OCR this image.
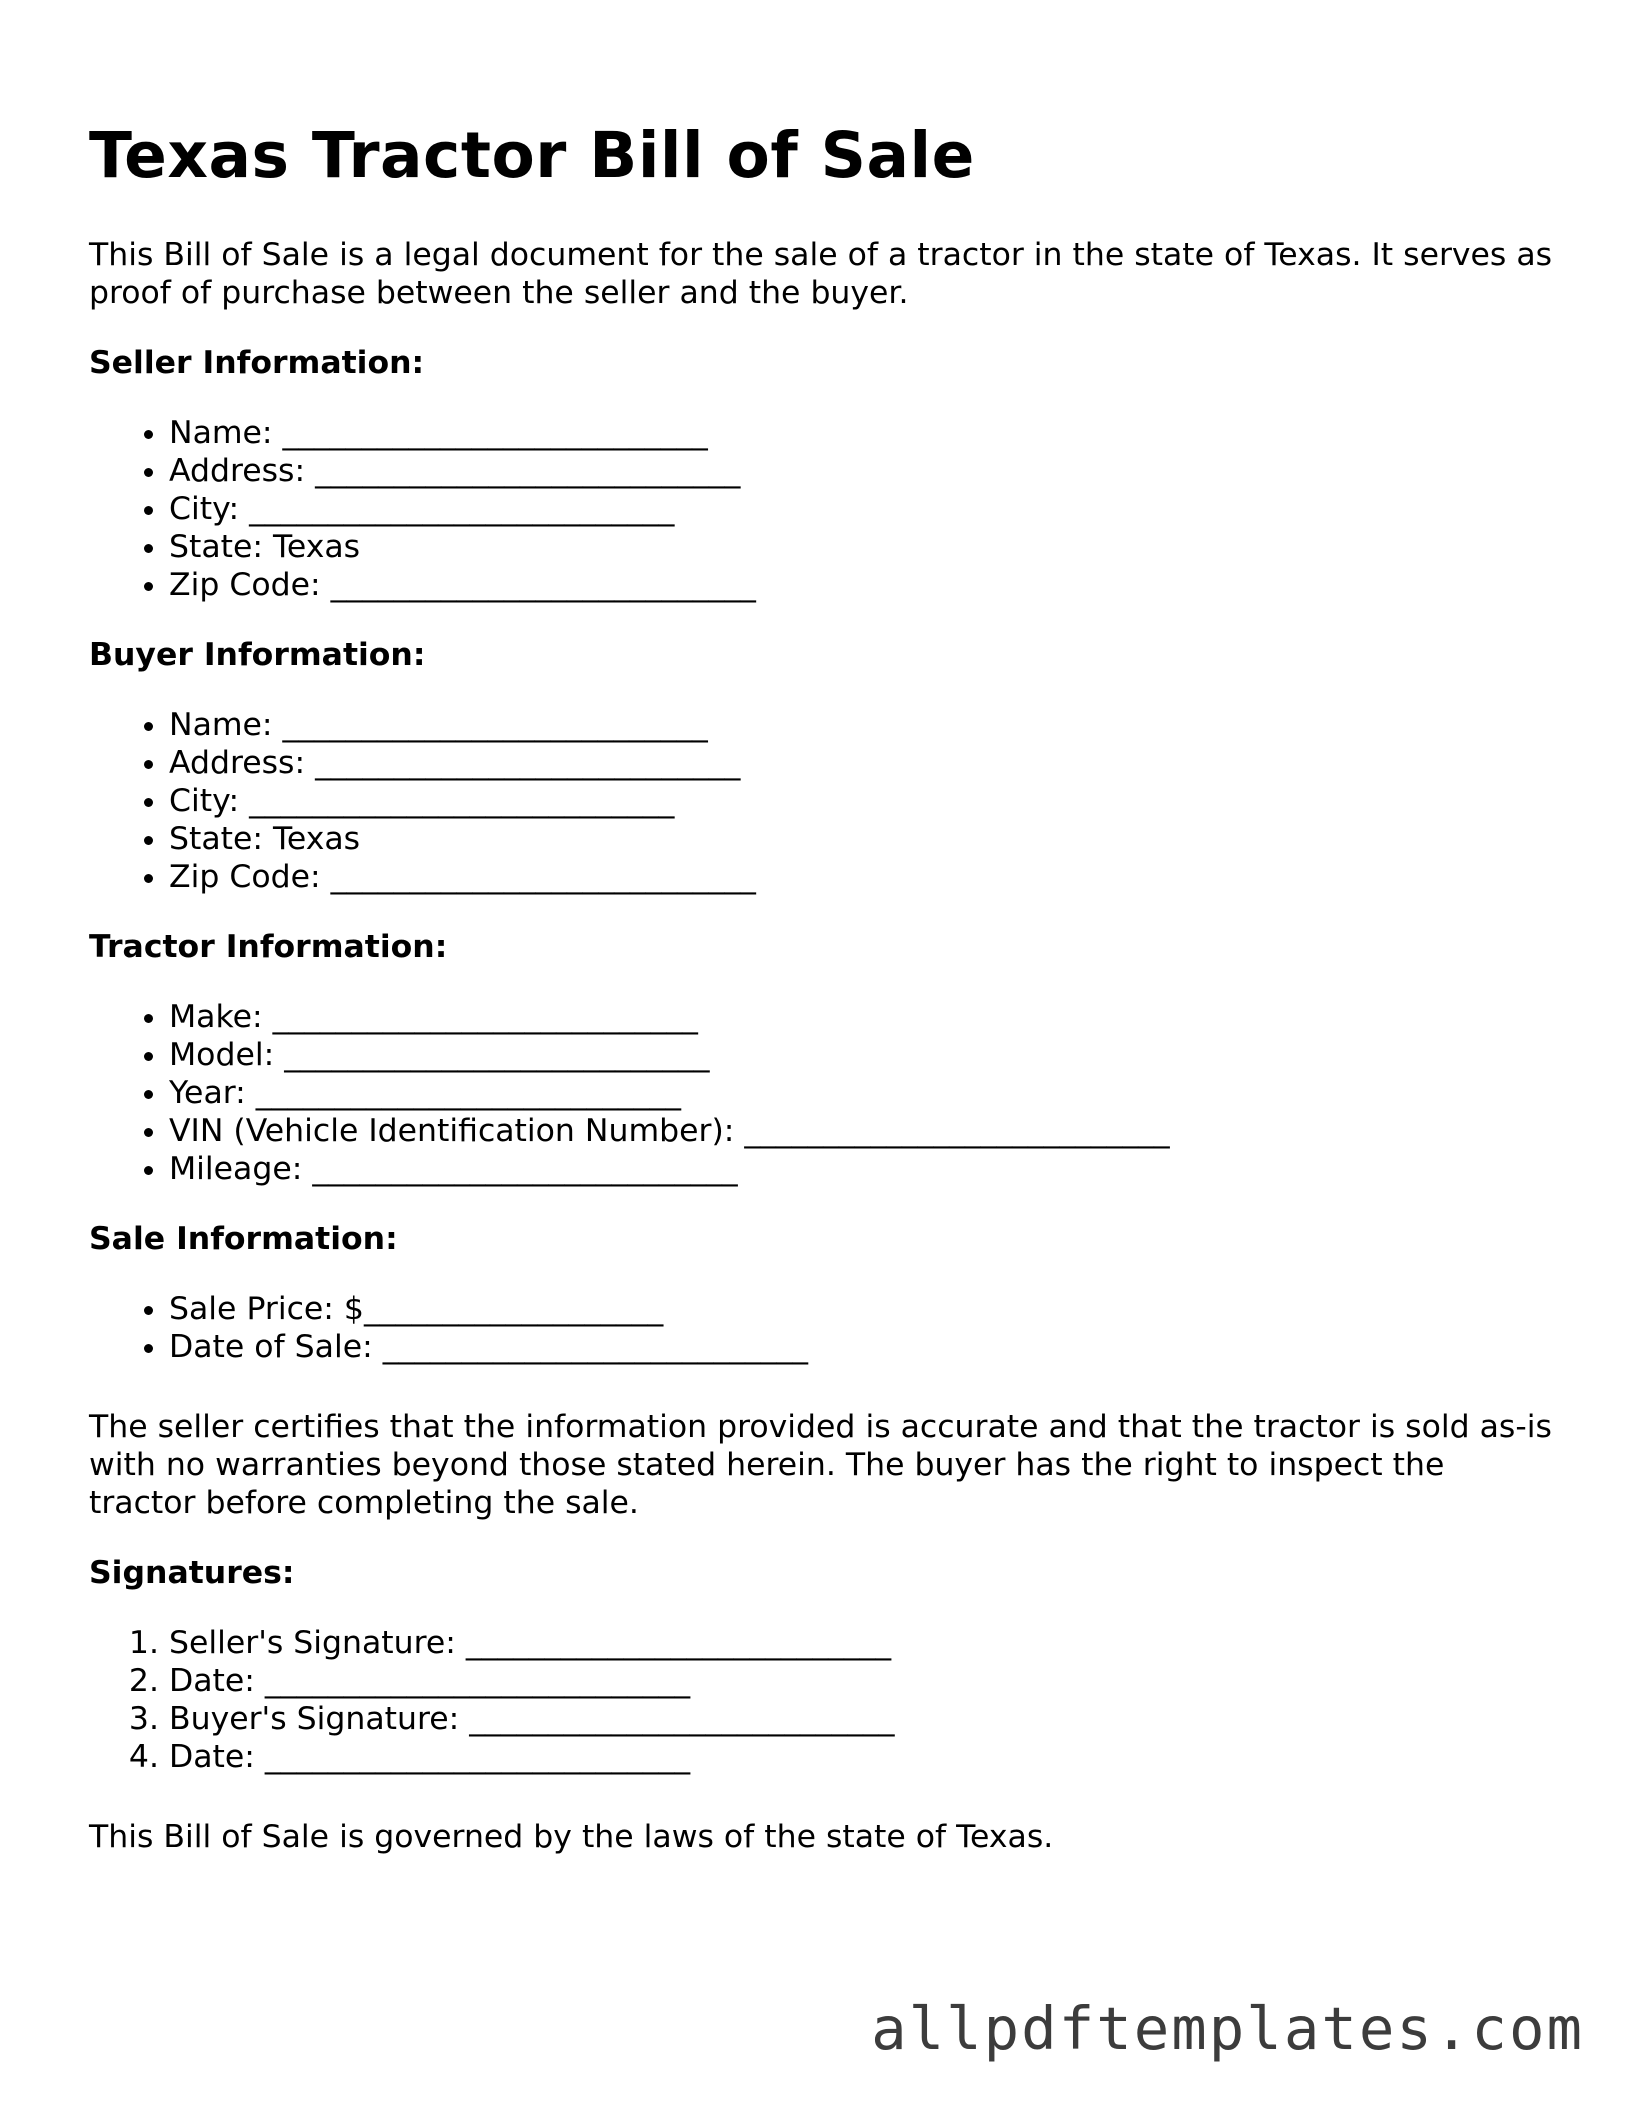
Texas Tractor Bill of Sale

This Bill of Sale is a legal document for the sale of a tractor in the state of Texas. It serves as proof of purchase between the seller and the buyer.

Seller Information:
• Name: ___________________________
• Address: ___________________________
• City: ___________________________
• State: Texas
• Zip Code: ___________________________
Buyer Information:
• Name: ___________________________
• Address: ___________________________
• City: ___________________________
• State: Texas
• Zip Code: ___________________________
Tractor Information:
• Make: ___________________________
• Model: ___________________________
• Year: ___________________________
• VIN (Vehicle Identification Number): ___________________________
• Mileage: ___________________________
Sale Information:
• Sale Price: $___________________
• Date of Sale: ___________________________

The seller certifies that the information provided is accurate and that the tractor is sold as-is with no warranties beyond those stated herein. The buyer has the right to inspect the tractor before completing the sale.

Signatures:
1. Seller's Signature: ___________________________
2. Date: ___________________________
3. Buyer's Signature: ___________________________
4. Date: ___________________________

This Bill of Sale is governed by the laws of the state of Texas.

allpdftemplates.com
